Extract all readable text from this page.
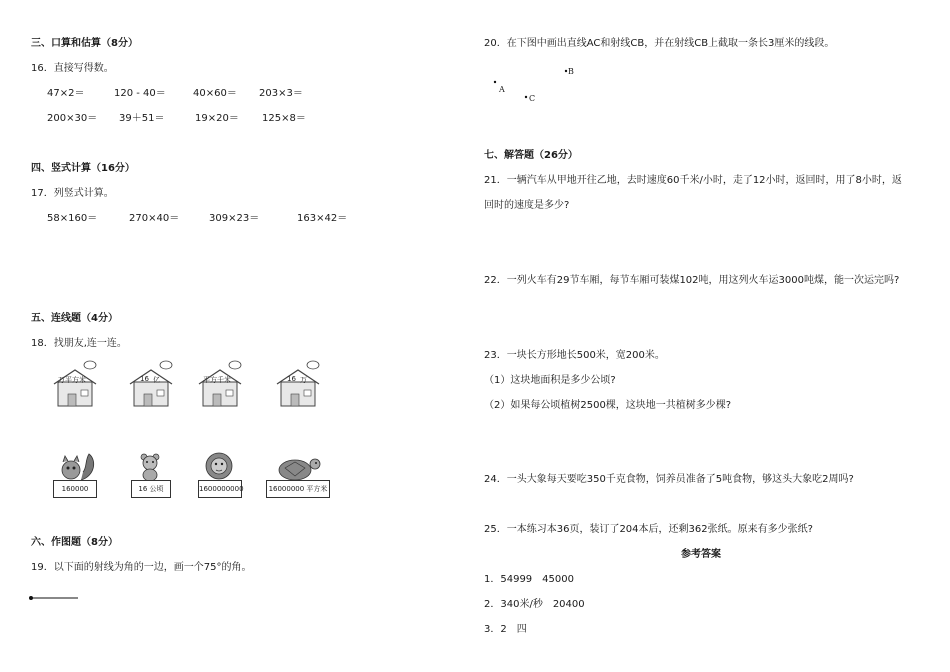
三、口算和估算（8分）
16．直接写得数。
47×2＝	120 - 40＝	40×60＝ 203×3＝
200×30＝ 39＋51＝	19×20＝ 125×8＝
四、竖式计算（16分）
17．列竖式计算。
58×160＝	270×40＝	309×23＝	163×42＝
五、连线题（4分）
18．找朋友,连一连。
万平方米	16 亿	平方千米	16 万
160000	16 公顷	1600000000	16000000 平方米
六、作图题（8分）
19．以下面的射线为角的一边，画一个75°的角。
20．在下图中画出直线AC和射线CB，并在射线CB上截取一条长3厘米的线段。
B
A
C
七、解答题（26分）
21．一辆汽车从甲地开往乙地，去时速度60千米/小时，走了12小时，返回时，用了8小时，返
回时的速度是多少?
22．一列火车有29节车厢，每节车厢可装煤102吨，用这列火车运3000吨煤，能一次运完吗?
23．一块长方形地长500米，宽200米。
（1）这块地面积是多少公顷?
（2）如果每公顷植树2500棵，这块地一共植树多少棵?
24．一头大象每天要吃350千克食物，饲养员准备了5吨食物，够这头大象吃2周吗?
25．一本练习本36页，装订了204本后，还剩362张纸。原来有多少张纸?
参考答案
1．54999　45000
2．340米/秒　20400
3．2　四
